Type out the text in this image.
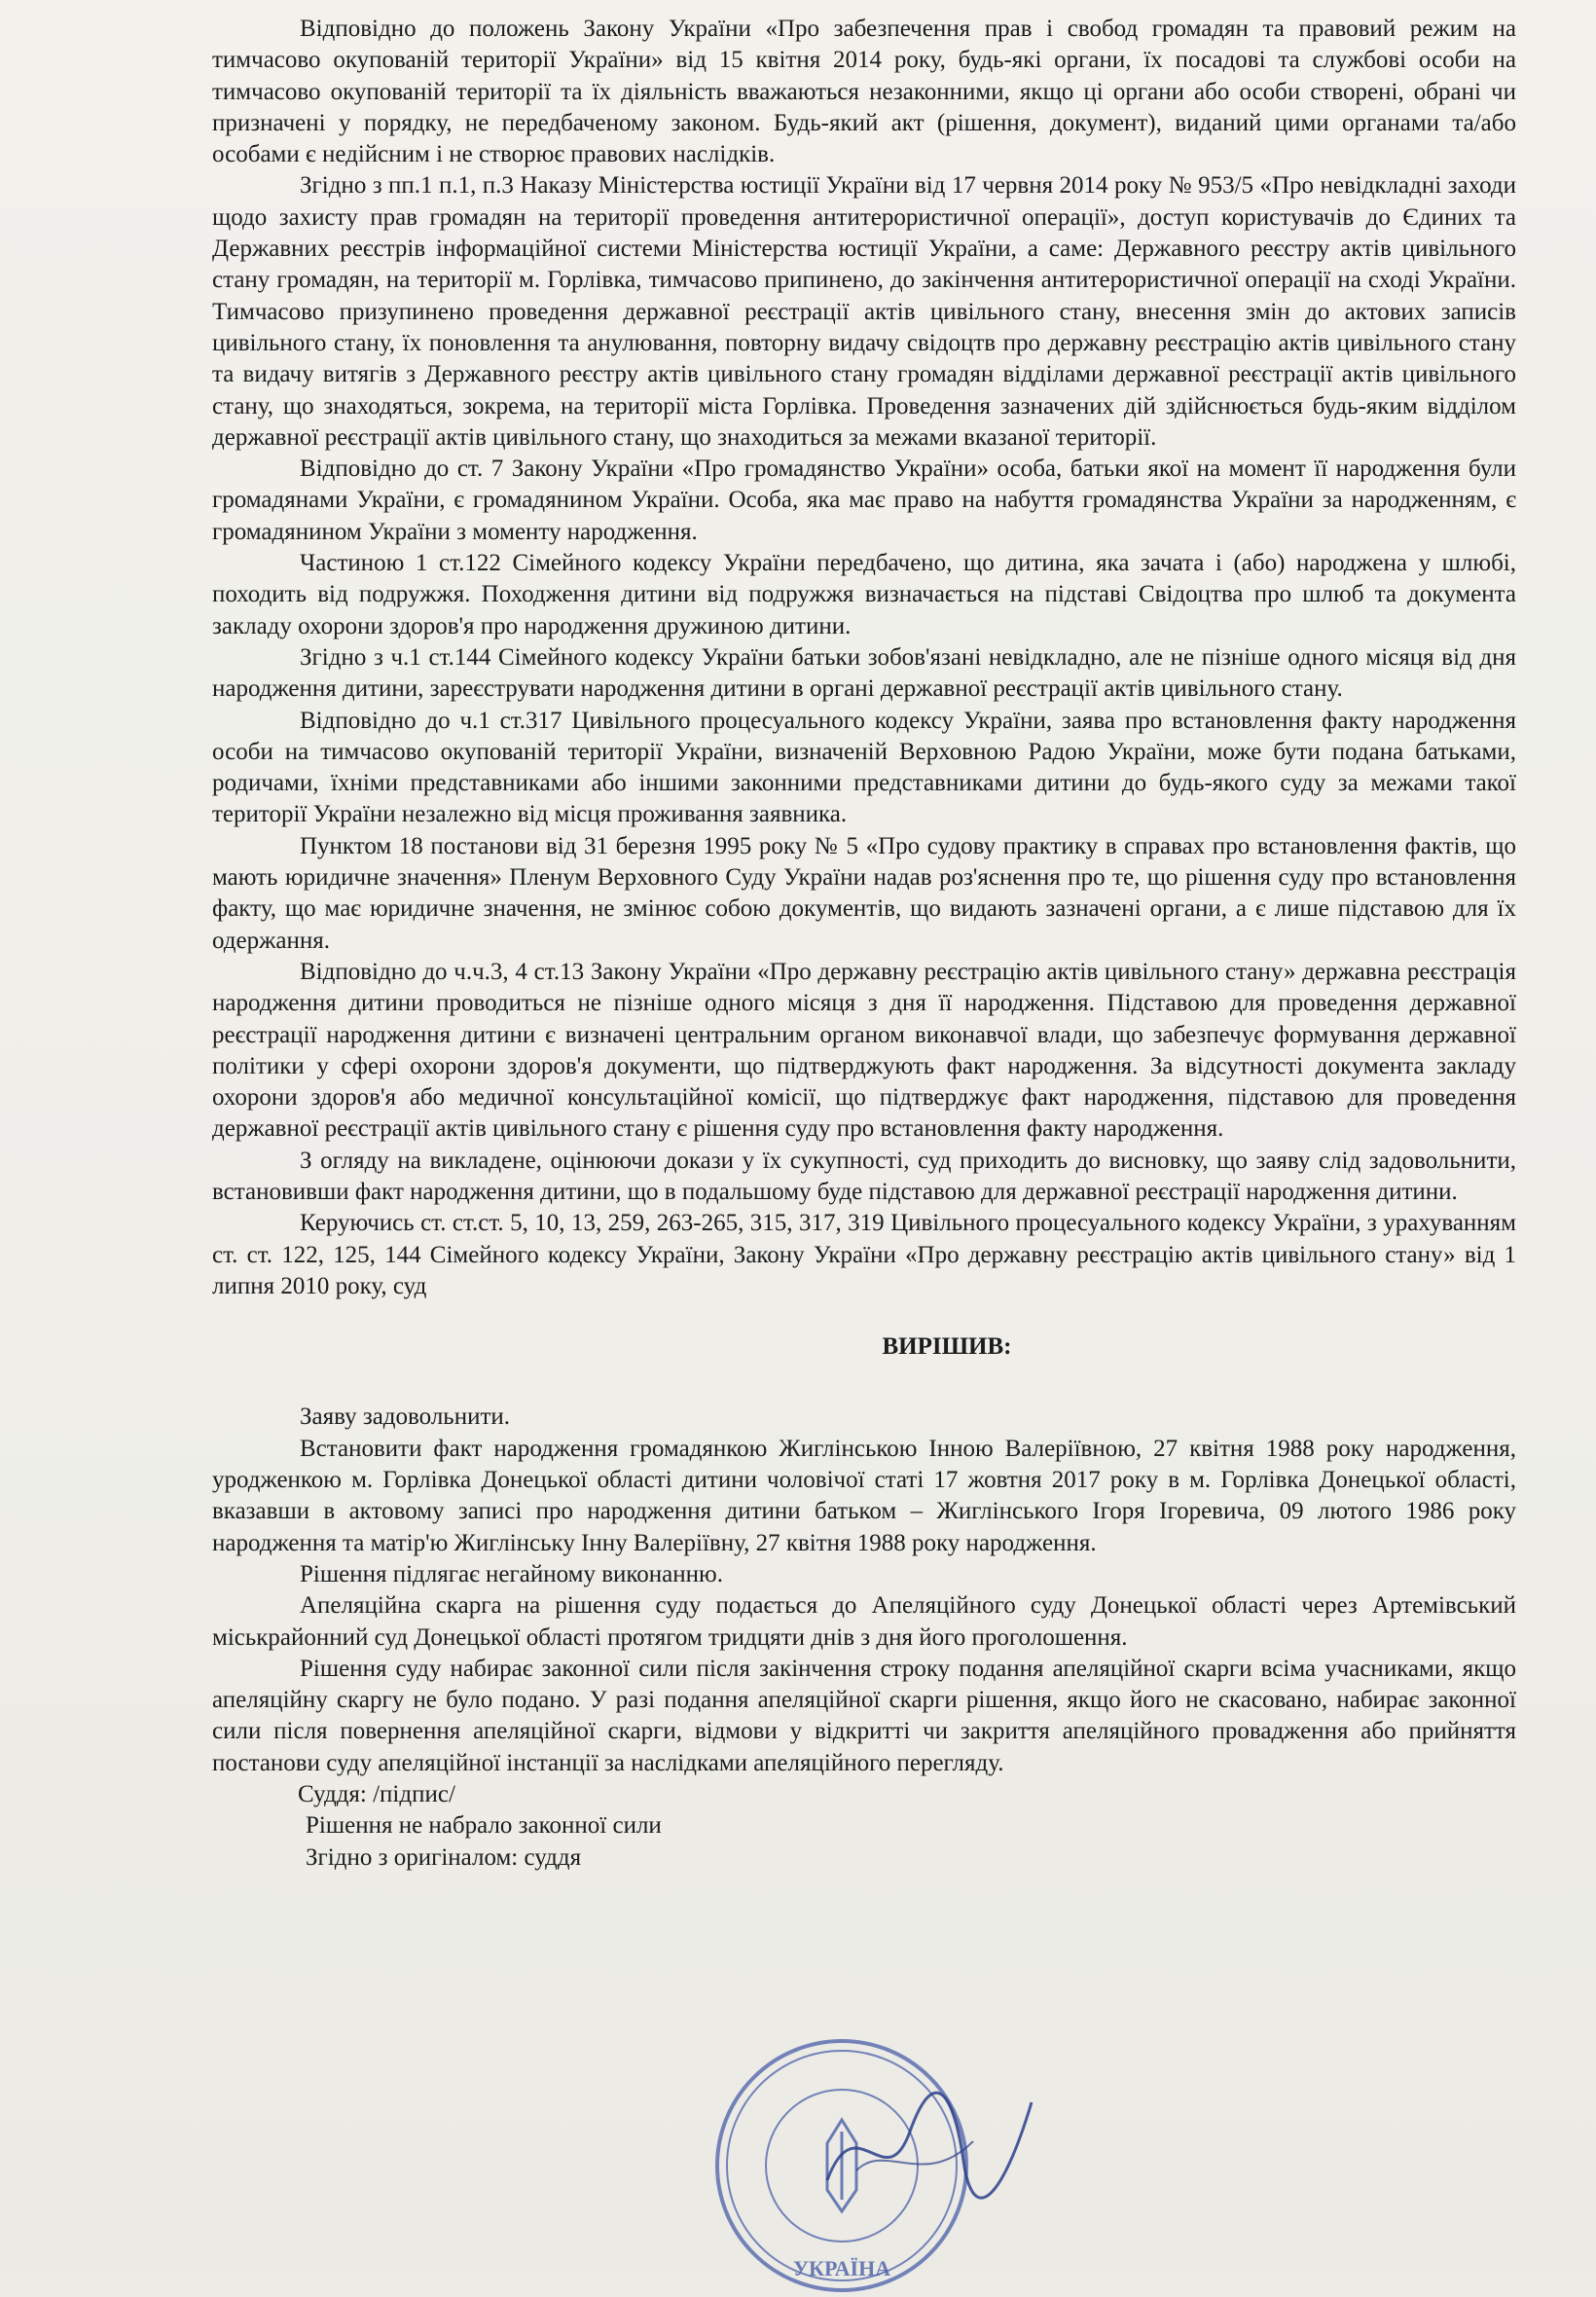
Відповідно до положень Закону України «Про забезпечення прав і свобод громадян та правовий режим на тимчасово окупованій території України» від 15 квітня 2014 року, будь-які органи, їх посадові та службові особи на тимчасово окупованій території та їх діяльність вважаються незаконними, якщо ці органи або особи створені, обрані чи призначені у порядку, не передбаченому законом. Будь-який акт (рішення, документ), виданий цими органами та/або особами є недійсним і не створює правових наслідків.

Згідно з пп.1 п.1, п.3 Наказу Міністерства юстиції України від 17 червня 2014 року № 953/5 «Про невідкладні заходи щодо захисту прав громадян на території проведення антитерористичної операції», доступ користувачів до Єдиних та Державних реєстрів інформаційної системи Міністерства юстиції України, а саме: Державного реєстру актів цивільного стану громадян, на території м. Горлівка, тимчасово припинено, до закінчення антитерористичної операції на сході України. Тимчасово призупинено проведення державної реєстрації актів цивільного стану, внесення змін до актових записів цивільного стану, їх поновлення та анулювання, повторну видачу свідоцтв про державну реєстрацію актів цивільного стану та видачу витягів з Державного реєстру актів цивільного стану громадян відділами державної реєстрації актів цивільного стану, що знаходяться, зокрема, на території міста Горлівка. Проведення зазначених дій здійснюється будь-яким відділом державної реєстрації актів цивільного стану, що знаходиться за межами вказаної території.

Відповідно до ст. 7 Закону України «Про громадянство України» особа, батьки якої на момент її народження були громадянами України, є громадянином України. Особа, яка має право на набуття громадянства України за народженням, є громадянином України з моменту народження.

Частиною 1 ст.122 Сімейного кодексу України передбачено, що дитина, яка зачата і (або) народжена у шлюбі, походить від подружжя. Походження дитини від подружжя визначається на підставі Свідоцтва про шлюб та документа закладу охорони здоров'я про народження дружиною дитини.

Згідно з ч.1 ст.144 Сімейного кодексу України батьки зобов'язані невідкладно, але не пізніше одного місяця від дня народження дитини, зареєструвати народження дитини в органі державної реєстрації актів цивільного стану.

Відповідно до ч.1 ст.317 Цивільного процесуального кодексу України, заява про встановлення факту народження особи на тимчасово окупованій території України, визначеній Верховною Радою України, може бути подана батьками, родичами, їхніми представниками або іншими законними представниками дитини до будь-якого суду за межами такої території України незалежно від місця проживання заявника.

Пунктом 18 постанови від 31 березня 1995 року № 5 «Про судову практику в справах про встановлення фактів, що мають юридичне значення» Пленум Верховного Суду України надав роз'яснення про те, що рішення суду про встановлення факту, що має юридичне значення, не змінює собою документів, що видають зазначені органи, а є лише підставою для їх одержання.

Відповідно до ч.ч.3, 4 ст.13 Закону України «Про державну реєстрацію актів цивільного стану» державна реєстрація народження дитини проводиться не пізніше одного місяця з дня її народження. Підставою для проведення державної реєстрації народження дитини є визначені центральним органом виконавчої влади, що забезпечує формування державної політики у сфері охорони здоров'я документи, що підтверджують факт народження. За відсутності документа закладу охорони здоров'я або медичної консультаційної комісії, що підтверджує факт народження, підставою для проведення державної реєстрації актів цивільного стану є рішення суду про встановлення факту народження.

З огляду на викладене, оцінюючи докази у їх сукупності, суд приходить до висновку, що заяву слід задовольнити, встановивши факт народження дитини, що в подальшому буде підставою для державної реєстрації народження дитини.

Керуючись ст. ст.ст. 5, 10, 13, 259, 263-265, 315, 317, 319 Цивільного процесуального кодексу України, з урахуванням ст. ст. 122, 125, 144 Сімейного кодексу України, Закону України «Про державну реєстрацію актів цивільного стану» від 1 липня 2010 року, суд

ВИРІШИВ:

Заяву задовольнити.

Встановити факт народження громадянкою Жиглінською Інною Валеріївною, 27 квітня 1988 року народження, уродженкою м. Горлівка Донецької області дитини чоловічої статі 17 жовтня 2017 року в м. Горлівка Донецької області, вказавши в актовому записі про народження дитини батьком – Жиглінського Ігоря Ігоревича, 09 лютого 1986 року народження та матір'ю Жиглінську Інну Валеріївну, 27 квітня 1988 року народження.

Рішення підлягає негайному виконанню.

Апеляційна скарга на рішення суду подається до Апеляційного суду Донецької області через Артемівський міськрайонний суд Донецької області протягом тридцяти днів з дня його проголошення.

Рішення суду набирає законної сили після закінчення строку подання апеляційної скарги всіма учасниками, якщо апеляційну скаргу не було подано. У разі подання апеляційної скарги рішення, якщо його не скасовано, набирає законної сили після повернення апеляційної скарги, відмови у відкритті чи закриття апеляційного провадження або прийняття постанови суду апеляційної інстанції за наслідками апеляційного перегляду.

Суддя: /підпис/

Рішення не набрало законної сили

Згідно з оригіналом: суддя

УКРАЇНА
